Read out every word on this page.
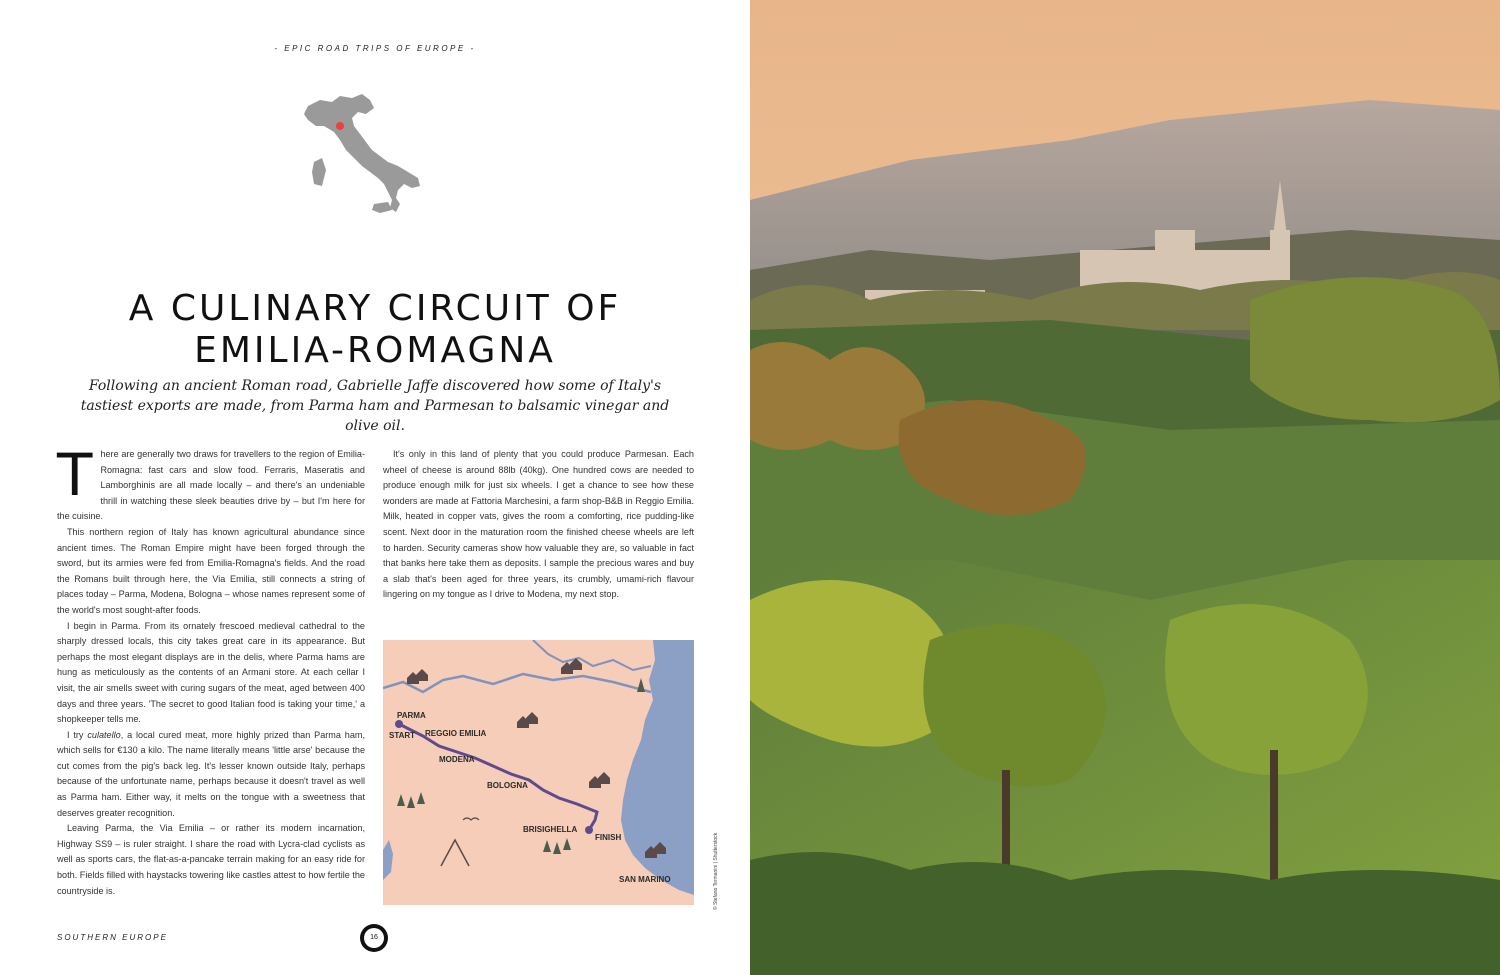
- EPIC ROAD TRIPS OF EUROPE -
A CULINARY CIRCUIT OF
EMILIA-ROMAGNA
Following an ancient Roman road, Gabrielle Jaffe discovered how some of Italy's tastiest exports are made, from Parma ham and Parmesan to balsamic vinegar and olive oil.
T here are generally two draws for travellers to the region of Emilia-Romagna: fast cars and slow food. Ferraris, Maseratis and Lamborghinis are all made locally – and there's an undeniable thrill in watching these sleek beauties drive by – but I'm here for the cuisine.

This northern region of Italy has known agricultural abundance since ancient times. The Roman Empire might have been forged through the sword, but its armies were fed from Emilia-Romagna's fields. And the road the Romans built through here, the Via Emilia, still connects a string of places today – Parma, Modena, Bologna – whose names represent some of the world's most sought-after foods.

I begin in Parma. From its ornately frescoed medieval cathedral to the sharply dressed locals, this city takes great care in its appearance. But perhaps the most elegant displays are in the delis, where Parma hams are hung as meticulously as the contents of an Armani store. At each cellar I visit, the air smells sweet with curing sugars of the meat, aged between 400 days and three years. 'The secret to good Italian food is taking your time,' a shopkeeper tells me.

I try culatello, a local cured meat, more highly prized than Parma ham, which sells for €130 a kilo. The name literally means 'little arse' because the cut comes from the pig's back leg. It's lesser known outside Italy, perhaps because of the unfortunate name, perhaps because it doesn't travel as well as Parma ham. Either way, it melts on the tongue with a sweetness that deserves greater recognition.

Leaving Parma, the Via Emilia – or rather its modern incarnation, Highway SS9 – is ruler straight. I share the road with Lycra-clad cyclists as well as sports cars, the flat-as-a-pancake terrain making for an easy ride for both. Fields filled with haystacks towering like castles attest to how fertile the countryside is.

It's only in this land of plenty that you could produce Parmesan. Each wheel of cheese is around 88lb (40kg). One hundred cows are needed to produce enough milk for just six wheels. I get a chance to see how these wonders are made at Fattoria Marchesini, a farm shop-B&B in Reggio Emilia. Milk, heated in copper vats, gives the room a comforting, rice pudding-like scent. Next door in the maturation room the finished cheese wheels are left to harden. Security cameras show how valuable they are, so valuable in fact that banks here take them as deposits. I sample the precious wares and buy a slab that's been aged for three years, its crumbly, umami-rich flavour lingering on my tongue as I drive to Modena, my next stop.

PARMA
START REGGIO EMILIA
MODENA
BOLOGNA
BRISIGHELLA
FINISH
SAN MARINO
SOUTHERN EUROPE	16
© Stefano Termanini | Shutterstock
